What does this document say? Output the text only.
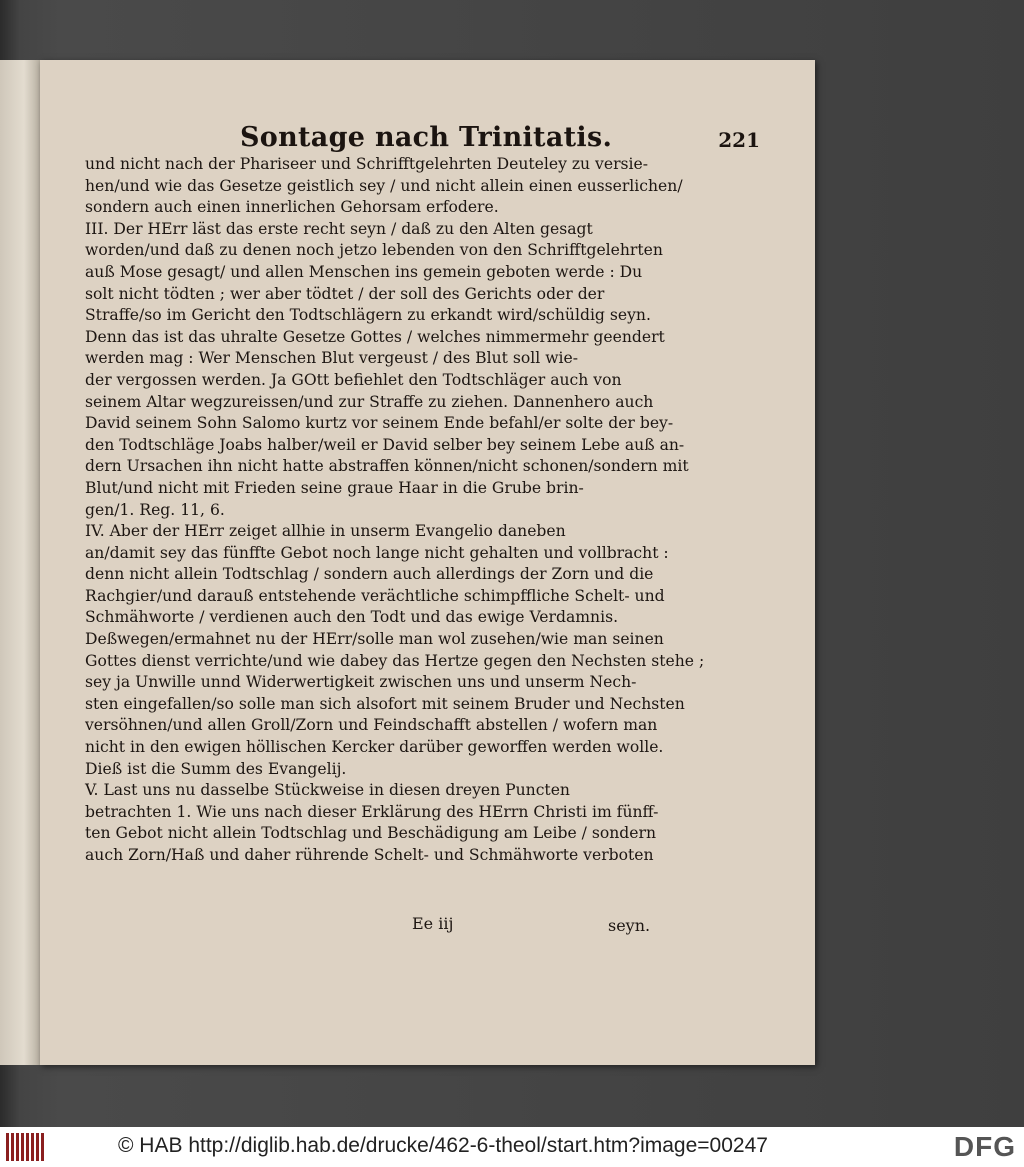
Sontage nach Trinitatis.	221
und nicht nach der Phariseer und Schrifftgelehrten Deuteley zu versie-
hen/und wie das Gesetze geistlich sey / und nicht allein einen eusserlichen/
sondern auch einen innerlichen Gehorsam erfodere.
III. Der HErr läst das erste recht seyn / daß zu den Alten gesagt
worden/und daß zu denen noch jetzo lebenden von den Schrifftgelehrten
auß Mose gesagt/ und allen Menschen ins gemein geboten werde : Du
solt nicht tödten ; wer aber tödtet / der soll des Gerichts oder der
Straffe/so im Gericht den Todtschlägern zu erkandt wird/schüldig seyn.
Denn das ist das uhralte Gesetze Gottes / welches nimmermehr geendert
werden mag : Wer Menschen Blut vergeust / des Blut soll wie-
der vergossen werden. Ja GOtt befiehlet den Todtschläger auch von
seinem Altar wegzureissen/und zur Straffe zu ziehen. Dannenhero auch
David seinem Sohn Salomo kurtz vor seinem Ende befahl/er solte der bey-
den Todtschläge Joabs halber/weil er David selber bey seinem Lebe auß an-
dern Ursachen ihn nicht hatte abstraffen können/nicht schonen/sondern mit
Blut/und nicht mit Frieden seine graue Haar in die Grube brin-
gen/1. Reg. 11, 6.
IV. Aber der HErr zeiget allhie in unserm Evangelio daneben
an/damit sey das fünffte Gebot noch lange nicht gehalten und vollbracht :
denn nicht allein Todtschlag / sondern auch allerdings der Zorn und die
Rachgier/und darauß entstehende verächtliche schimpffliche Schelt- und
Schmähworte / verdienen auch den Todt und das ewige Verdamnis.
Deßwegen/ermahnet nu der HErr/solle man wol zusehen/wie man seinen
Gottes dienst verrichte/und wie dabey das Hertze gegen den Nechsten stehe ;
sey ja Unwille unnd Widerwertigkeit zwischen uns und unserm Nech-
sten eingefallen/so solle man sich alsofort mit seinem Bruder und Nechsten
versöhnen/und allen Groll/Zorn und Feindschafft abstellen / wofern man
nicht in den ewigen höllischen Kercker darüber geworffen werden wolle.
Dieß ist die Summ des Evangelij.
V. Last uns nu dasselbe Stückweise in diesen dreyen Puncten
betrachten 1. Wie uns nach dieser Erklärung des HErrn Christi im fünff-
ten Gebot nicht allein Todtschlag und Beschädigung am Leibe / sondern
auch Zorn/Haß und daher rührende Schelt- und Schmähworte verboten
Ee iij	seyn.
© HAB http://diglib.hab.de/drucke/462-6-theol/start.htm?image=00247	DFG
